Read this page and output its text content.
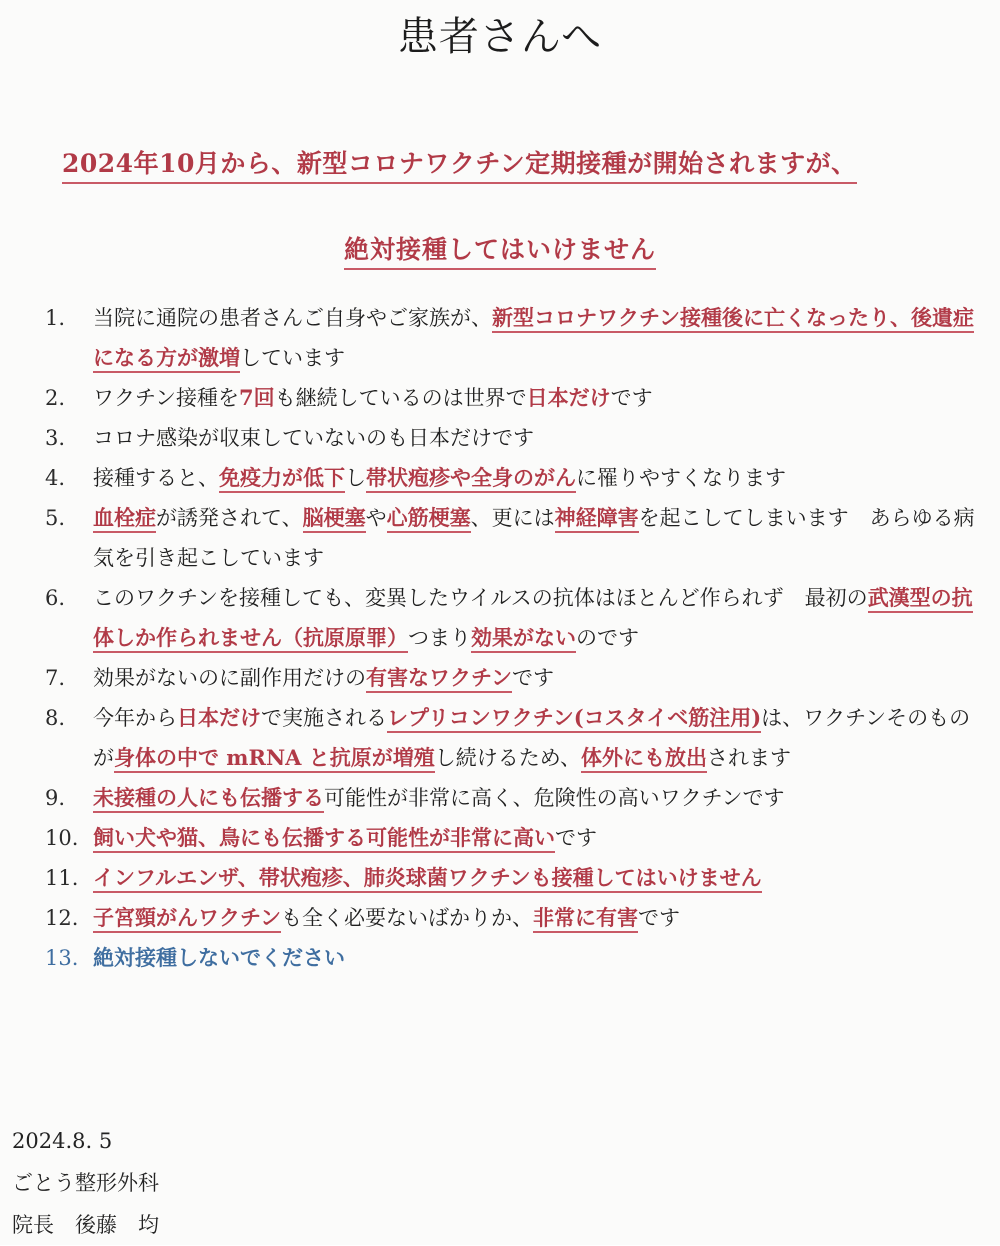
患者さんへ
2024年10月から、新型コロナワクチン定期接種が開始されますが、
絶対接種してはいけません
1.	当院に通院の患者さんご自身やご家族が、新型コロナワクチン接種後に亡くなったり、後遺症になる方が激増しています
2.	ワクチン接種を7回も継続しているのは世界で日本だけです
3.	コロナ感染が収束していないのも日本だけです
4.	接種すると、免疫力が低下し帯状疱疹や全身のがんに罹りやすくなります
5.	血栓症が誘発されて、脳梗塞や心筋梗塞、更には神経障害を起こしてしまいます　あらゆる病気を引き起こしています
6.	このワクチンを接種しても、変異したウイルスの抗体はほとんど作られず　最初の武漢型の抗体しか作られません（抗原原罪）つまり効果がないのです
7.	効果がないのに副作用だけの有害なワクチンです
8.	今年から日本だけで実施されるレプリコンワクチン(コスタイベ筋注用)は、ワクチンそのものが身体の中で mRNA と抗原が増殖し続けるため、体外にも放出されます
9.	未接種の人にも伝播する可能性が非常に高く、危険性の高いワクチンです
10. 飼い犬や猫、鳥にも伝播する可能性が非常に高いです
11. インフルエンザ、帯状疱疹、肺炎球菌ワクチンも接種してはいけません
12. 子宮頸がんワクチンも全く必要ないばかりか、非常に有害です
13. 絶対接種しないでください
2024.8. 5
ごとう整形外科
院長　後藤　均
